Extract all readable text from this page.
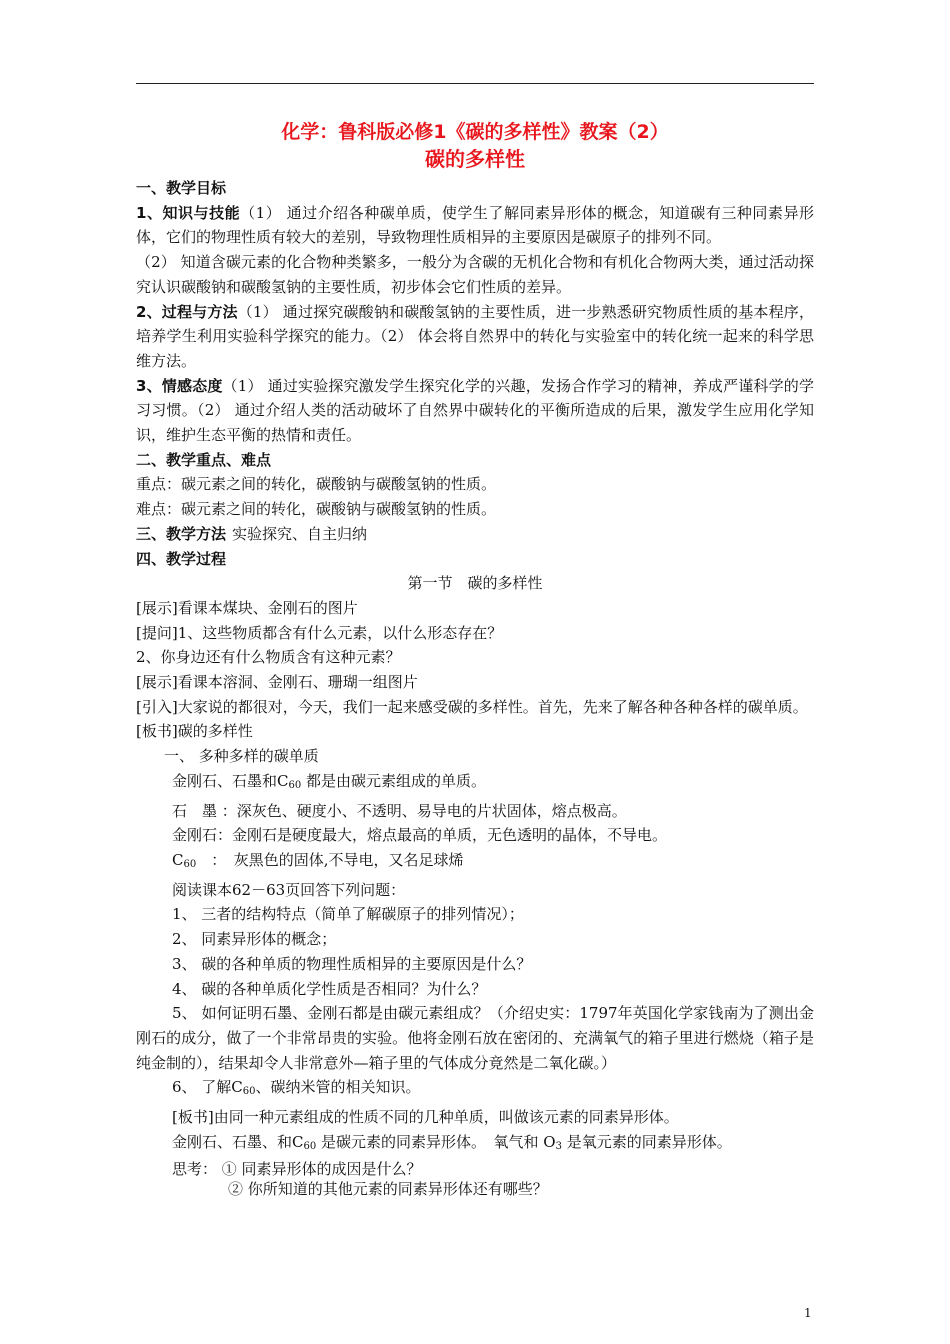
化学：鲁科版必修1《碳的多样性》教案（2）
碳的多样性

一、教学目标

1、知识与技能（1） 通过介绍各种碳单质，使学生了解同素异形体的概念，知道碳有三种同素异形体，它们的物理性质有较大的差别，导致物理性质相异的主要原因是碳原子的排列不同。

（2） 知道含碳元素的化合物种类繁多，一般分为含碳的无机化合物和有机化合物两大类，通过活动探究认识碳酸钠和碳酸氢钠的主要性质，初步体会它们性质的差异。

2、过程与方法（1） 通过探究碳酸钠和碳酸氢钠的主要性质，进一步熟悉研究物质性质的基本程序，培养学生利用实验科学探究的能力。（2） 体会将自然界中的转化与实验室中的转化统一起来的科学思维方法。

3、情感态度（1） 通过实验探究激发学生探究化学的兴趣，发扬合作学习的精神，养成严谨科学的学习习惯。（2） 通过介绍人类的活动破坏了自然界中碳转化的平衡所造成的后果，激发学生应用化学知识，维护生态平衡的热情和责任。

二、教学重点、难点

重点：碳元素之间的转化，碳酸钠与碳酸氢钠的性质。

难点：碳元素之间的转化，碳酸钠与碳酸氢钠的性质。

三、教学方法 实验探究、自主归纳

四、教学过程

第一节　碳的多样性

[展示]看课本煤块、金刚石的图片

[提问]1、这些物质都含有什么元素，以什么形态存在？

2、你身边还有什么物质含有这种元素？

[展示]看课本溶洞、金刚石、珊瑚一组图片

[引入]大家说的都很对，今天，我们一起来感受碳的多样性。首先，先来了解各种各种各样的碳单质。

[板书]碳的多样性

一、 多种多样的碳单质

金刚石、石墨和$C_{60}$ 都是由碳元素组成的单质。

石　墨 ：深灰色、硬度小、不透明、易导电的片状固体，熔点极高。

金刚石：金刚石是硬度最大，熔点最高的单质，无色透明的晶体，不导电。

$C_{60}$　：　灰黑色的固体,不导电，又名足球烯

阅读课本62－63页回答下列问题：

1、 三者的结构特点（简单了解碳原子的排列情况）；

2、 同素异形体的概念；

3、 碳的各种单质的物理性质相异的主要原因是什么？

4、 碳的各种单质化学性质是否相同？为什么？

5、 如何证明石墨、金刚石都是由碳元素组成？（介绍史实：1797年英国化学家钱南为了测出金刚石的成分，做了一个非常昂贵的实验。他将金刚石放在密闭的、充满氧气的箱子里进行燃烧（箱子是纯金制的），结果却令人非常意外—箱子里的气体成分竟然是二氧化碳。）

6、 了解$C_{60}$、碳纳米管的相关知识。

[板书]由同一种元素组成的性质不同的几种单质，叫做该元素的同素异形体。

金刚石、石墨、和$C_{60}$ 是碳元素的同素异形体。　氧气和 $O_3$ 是氧元素的同素异形体。

思考： ① 同素异形体的成因是什么？

② 你所知道的其他元素的同素异形体还有哪些？

1
